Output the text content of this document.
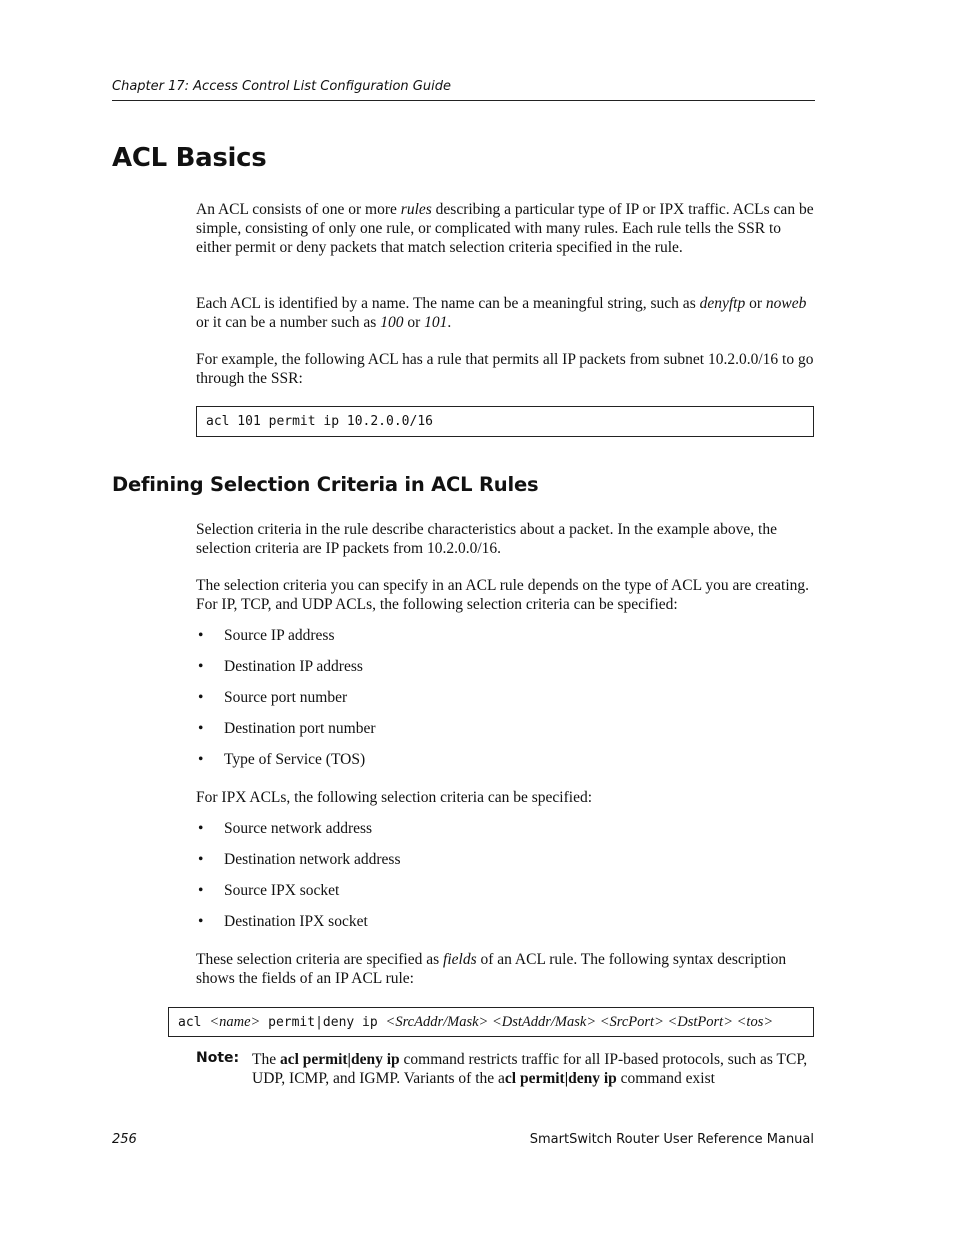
Chapter 17: Access Control List Configuration Guide
ACL Basics
An ACL consists of one or more rules describing a particular type of IP or IPX traffic. ACLs can be simple, consisting of only one rule, or complicated with many rules. Each rule tells the SSR to either permit or deny packets that match selection criteria specified in the rule.
Each ACL is identified by a name. The name can be a meaningful string, such as denyftp or noweb or it can be a number such as 100 or 101.
For example, the following ACL has a rule that permits all IP packets from subnet 10.2.0.0/16 to go through the SSR:
acl 101 permit ip 10.2.0.0/16
Defining Selection Criteria in ACL Rules
Selection criteria in the rule describe characteristics about a packet. In the example above, the selection criteria are IP packets from 10.2.0.0/16.
The selection criteria you can specify in an ACL rule depends on the type of ACL you are creating. For IP, TCP, and UDP ACLs, the following selection criteria can be specified:
• Source IP address
• Destination IP address
• Source port number
• Destination port number
• Type of Service (TOS)
For IPX ACLs, the following selection criteria can be specified:
• Source network address
• Destination network address
• Source IPX socket
• Destination IPX socket
These selection criteria are specified as fields of an ACL rule. The following syntax description shows the fields of an IP ACL rule:
acl <name> permit|deny ip <SrcAddr/Mask> <DstAddr/Mask> <SrcPort> <DstPort> <tos>
Note: The acl permit|deny ip command restricts traffic for all IP-based protocols, such as TCP, UDP, ICMP, and IGMP. Variants of the acl permit|deny ip command exist
256	SmartSwitch Router User Reference Manual
